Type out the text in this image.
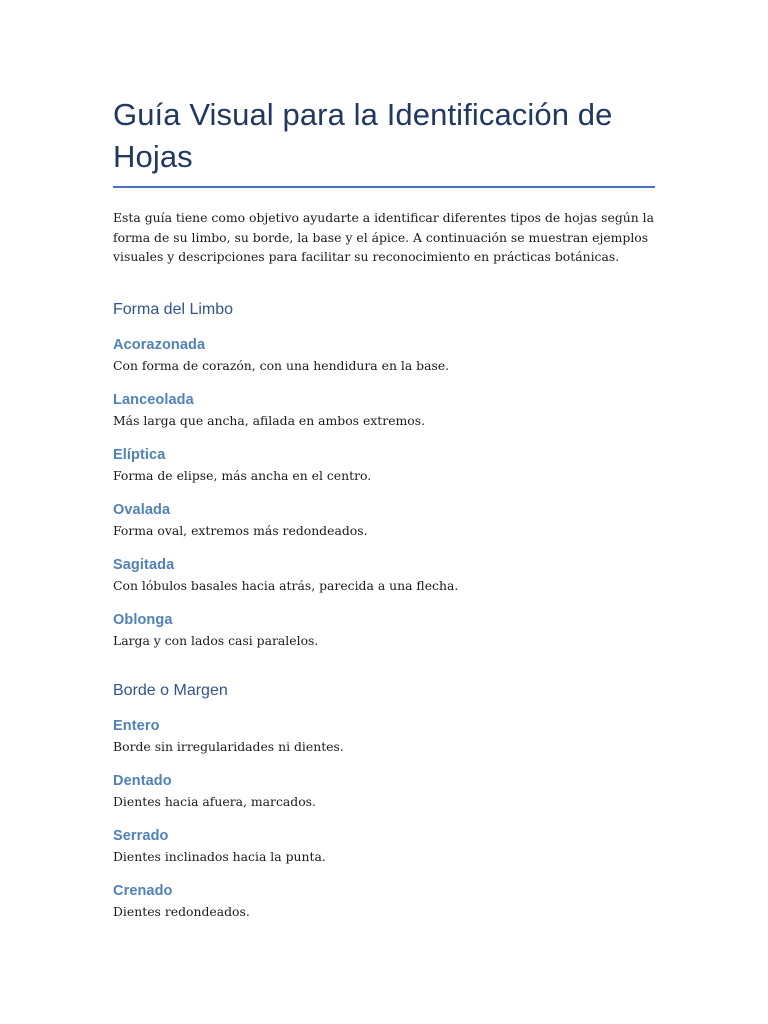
Guía Visual para la Identificación de Hojas

Esta guía tiene como objetivo ayudarte a identificar diferentes tipos de hojas según la forma de su limbo, su borde, la base y el ápice. A continuación se muestran ejemplos visuales y descripciones para facilitar su reconocimiento en prácticas botánicas.

Forma del Limbo
Acorazonada

Con forma de corazón, con una hendidura en la base.

Lanceolada

Más larga que ancha, afilada en ambos extremos.

Elíptica

Forma de elipse, más ancha en el centro.

Ovalada

Forma oval, extremos más redondeados.

Sagitada

Con lóbulos basales hacia atrás, parecida a una flecha.

Oblonga

Larga y con lados casi paralelos.

Borde o Margen
Entero

Borde sin irregularidades ni dientes.

Dentado

Dientes hacia afuera, marcados.

Serrado

Dientes inclinados hacia la punta.

Crenado

Dientes redondeados.
